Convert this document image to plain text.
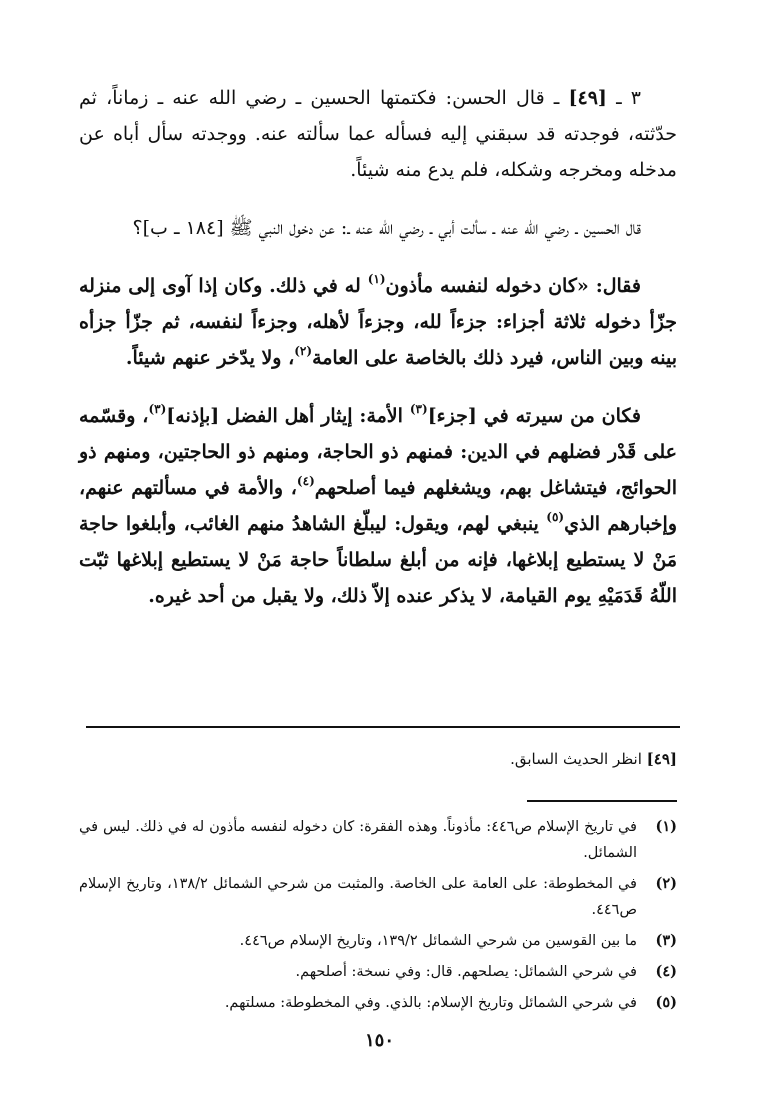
٣ ـ [٤٩] ـ قال الحسن: فكتمتها الحسين ـ رضي الله عنه ـ زماناً، ثم حدّثته، فوجدته قد سبقني إليه فسأله عما سألته عنه. ووجدته سأل أباه عن مدخله ومخرجه وشكله، فلم يدع منه شيئاً.

قال الحسين ـ رضي الله عنه ـ سألت أبي ـ رضي الله عنه ـ: عن دخول النبي ﷺ [١٨٤ ـ ب]؟

فقال: «كان دخوله لنفسه مأذون$^{(١)}$ له في ذلك. وكان إذا آوى إلى منزله جزّأ دخوله ثلاثة أجزاء: جزءاً لله، وجزءاً لأهله، وجزءاً لنفسه، ثم جزّأ جزأه بينه وبين الناس، فيرد ذلك بالخاصة على العامة$^{(٢)}$، ولا يدّخر عنهم شيئاً.

فكان من سيرته في [جزء]$^{(٣)}$ الأمة: إيثار أهل الفضل [بإذنه]$^{(٣)}$، وقسّمه على قَدْر فضلهم في الدين: فمنهم ذو الحاجة، ومنهم ذو الحاجتين، ومنهم ذو الحوائج، فيتشاغل بهم، ويشغلهم فيما أصلحهم$^{(٤)}$، والأمة في مسألتهم عنهم، وإخبارهم الذي$^{(٥)}$ ينبغي لهم، ويقول: ليبلّغ الشاهدُ منهم الغائب، وأبلغوا حاجة مَنْ لا يستطيع إبلاغها، فإنه من أبلغ سلطاناً حاجة مَنْ لا يستطيع إبلاغها ثبّت اللّهُ قَدَمَيْهِ يوم القيامة، لا يذكر عنده إلاّ ذلك، ولا يقبل من أحد غيره.

[٤٩] انظر الحديث السابق.
(١)
في تاريخ الإسلام ص٤٤٦: مأذوناً. وهذه الفقرة: كان دخوله لنفسه مأذون له في ذلك. ليس في الشمائل.
(٢)
في المخطوطة: على العامة على الخاصة. والمثبت من شرحي الشمائل ١٣٨/٢، وتاريخ الإسلام ص٤٤٦.
(٣)
ما بين القوسين من شرحي الشمائل ١٣٩/٢، وتاريخ الإسلام ص٤٤٦.
(٤)
في شرحي الشمائل: يصلحهم. قال: وفي نسخة: أصلحهم.
(٥)
في شرحي الشمائل وتاريخ الإسلام: بالذي. وفي المخطوطة: مسلتهم.
١٥٠
